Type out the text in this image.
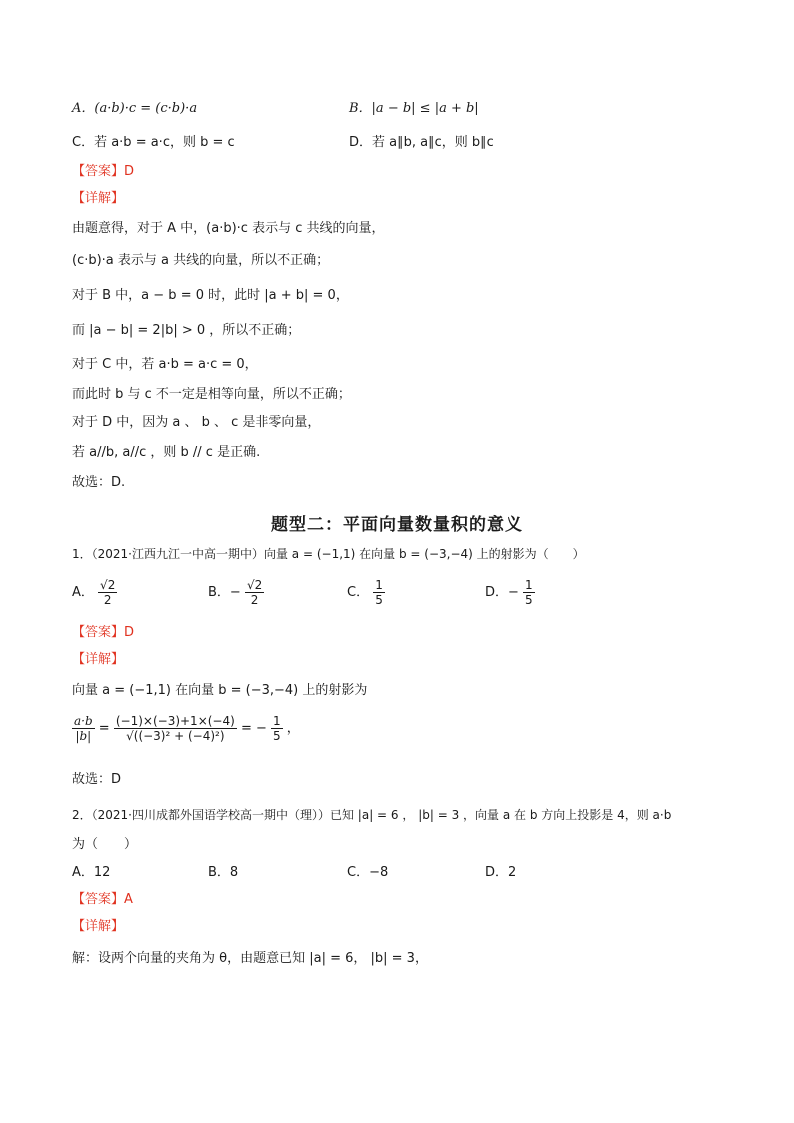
A．(a·b)·c = (c·b)·a	B．|a − b| ≤ |a + b|
C．若 a·b = a·c，则 b = c	D．若 a∥b, a∥c，则 b∥c
【答案】D
【详解】
由题意得，对于 A 中，(a·b)·c 表示与 c 共线的向量，
(c·b)·a 表示与 a 共线的向量，所以不正确；
对于 B 中，a − b = 0 时，此时 |a + b| = 0，
而 |a − b| = 2|b| > 0 ，所以不正确；
对于 C 中，若 a·b = a·c = 0，
而此时 b 与 c 不一定是相等向量，所以不正确；
对于 D 中，因为 a 、 b 、 c 是非零向量，
若 a//b, a//c ，则 b // c 是正确.
故选：D.
题型二：平面向量数量积的意义
1．（2021·江西九江一中高一期中）向量 a = (−1,1) 在向量 b = (−3,−4) 上的射影为（　　）
A． $\frac{√2}{2}$	B．− $\frac{√2}{2}$	C． $\frac{1}{5}$	D．− $\frac{1}{5}$
【答案】D
【详解】
向量 a = (−1,1) 在向量 b = (−3,−4) 上的射影为
$\frac{a\cdot b}{|b|} = \frac{(-1)\times(-3)+1\times(-4)}{\text{√((−3)² + (−4)²)}}$ = − $\frac{1}{5}$ ，
故选：D
2．（2021·四川成都外国语学校高一期中（理））已知 |a| = 6 ， |b| = 3 ，向量 a 在 b 方向上投影是 4，则 a·b
为（　　）
A．12	B．8	C．−8	D．2
【答案】A
【详解】
解：设两个向量的夹角为 θ，由题意已知 |a| = 6， |b| = 3，
